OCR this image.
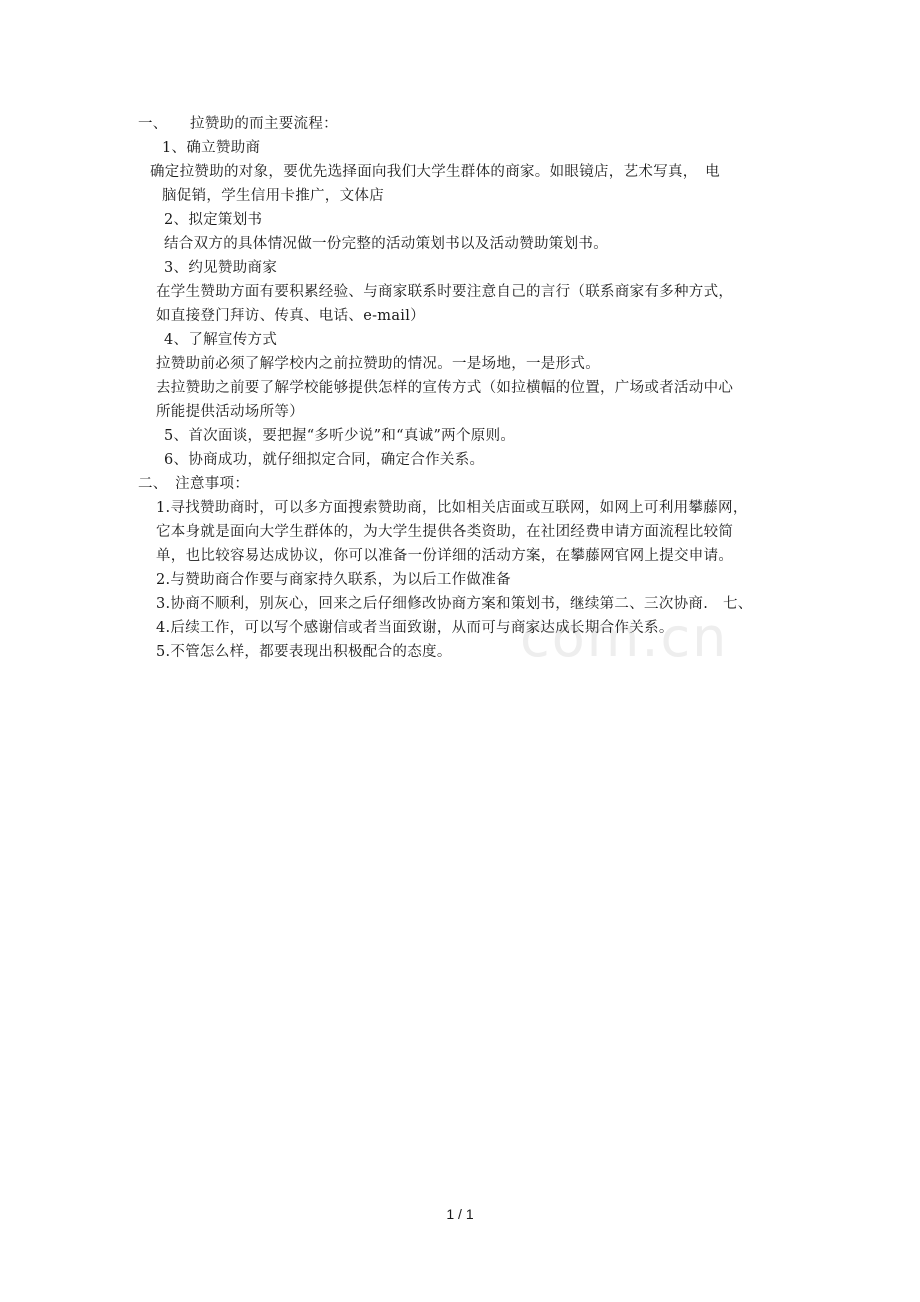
com.cn
一、　　拉赞助的而主要流程：
1、确立赞助商
确定拉赞助的对象，要优先选择面向我们大学生群体的商家。如眼镜店，艺术写真，　电
脑促销，学生信用卡推广，文体店
2、拟定策划书
结合双方的具体情况做一份完整的活动策划书以及活动赞助策划书。
3、约见赞助商家
在学生赞助方面有要积累经验、与商家联系时要注意自己的言行（联系商家有多种方式，
如直接登门拜访、传真、电话、e-mail）
4、了解宣传方式
拉赞助前必须了解学校内之前拉赞助的情况。一是场地，一是形式。
去拉赞助之前要了解学校能够提供怎样的宣传方式（如拉横幅的位置，广场或者活动中心
所能提供活动场所等）
5、首次面谈，要把握“多听少说”和“真诚”两个原则。
6、协商成功，就仔细拟定合同，确定合作关系。
二、　注意事项：
1.寻找赞助商时，可以多方面搜索赞助商，比如相关店面或互联网，如网上可利用攀藤网，
它本身就是面向大学生群体的，为大学生提供各类资助，在社团经费申请方面流程比较简
单，也比较容易达成协议，你可以准备一份详细的活动方案，在攀藤网官网上提交申请。
2.与赞助商合作要与商家持久联系，为以后工作做准备
3.协商不顺利，别灰心，回来之后仔细修改协商方案和策划书，继续第二、三次协商.　七、
4.后续工作，可以写个感谢信或者当面致谢，从而可与商家达成长期合作关系。
5.不管怎么样，都要表现出积极配合的态度。
1 / 1
